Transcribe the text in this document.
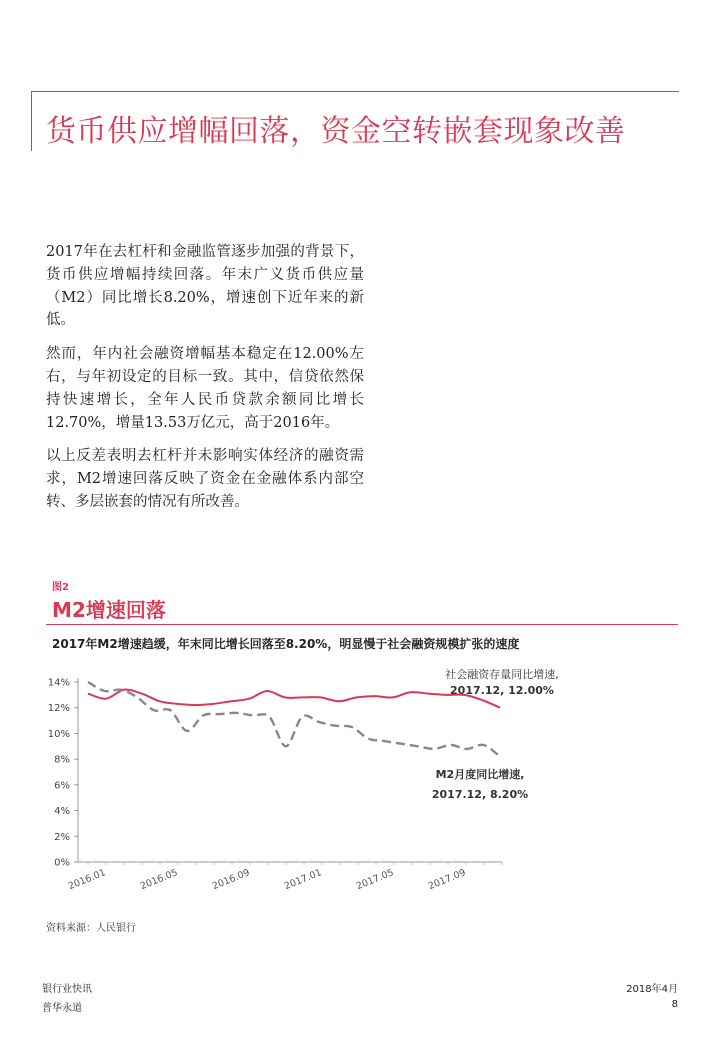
货币供应增幅回落，资金空转嵌套现象改善

2017年在去杠杆和金融监管逐步加强的背景下，货币供应增幅持续回落。年末广义货币供应量（M2）同比增长8.20%，增速创下近年来的新低。

然而，年内社会融资增幅基本稳定在12.00%左右，与年初设定的目标一致。其中，信贷依然保持快速增长，全年人民币贷款余额同比增长12.70%，增量13.53万亿元，高于2016年。

以上反差表明去杠杆并未影响实体经济的融资需求，M2增速回落反映了资金在金融体系内部空转、多层嵌套的情况有所改善。

图2
M2增速回落
2017年M2增速趋缓，年末同比增长回落至8.20%，明显慢于社会融资规模扩张的速度
0%
2%
4%
6%
8%
10%
12%
14%
2016.01	2016.05	2016.09	2017.01	2017.05	2017.09
社会融资存量同比增速,
2017.12, 12.00%
M2月度同比增速,
2017.12, 8.20%
资料来源：人民银行
银行业快讯
普华永道
2018年4月
8
